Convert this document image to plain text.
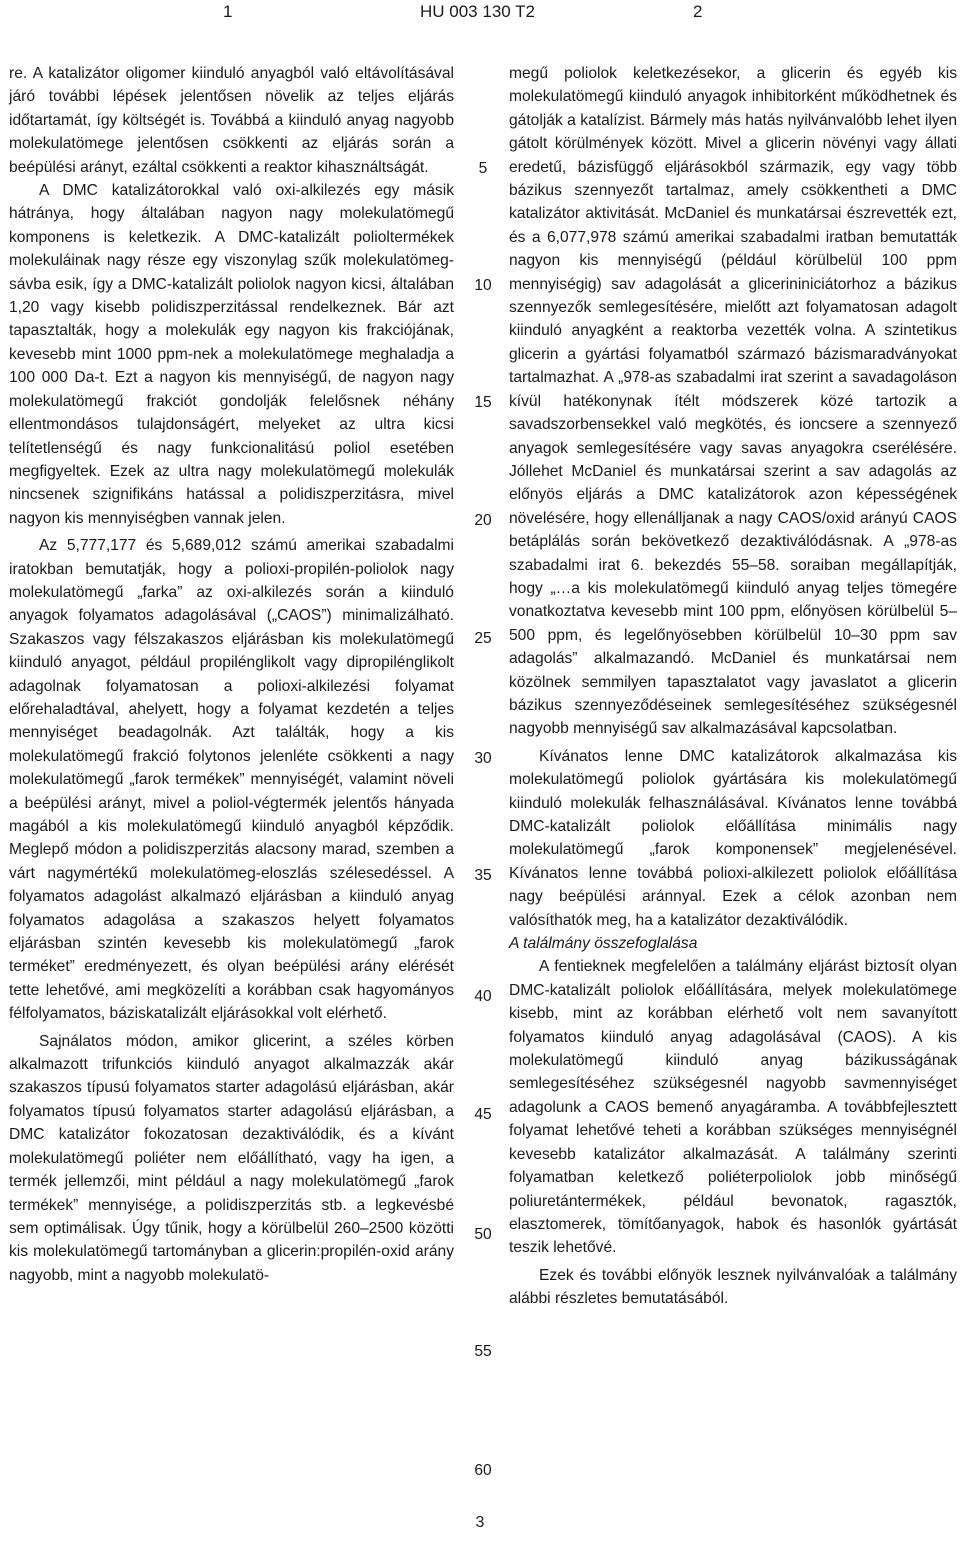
1	HU 003 130 T2	2

re. A katalizátor oligomer kiinduló anyagból való eltávolításával járó további lépések jelentősen növelik az teljes eljárás időtartamát, így költségét is. Továbbá a kiinduló anyag nagyobb molekulatömege jelentősen csökkenti az eljárás során a beépülési arányt, ezáltal csökkenti a reaktor kihasználtságát.

A DMC katalizátorokkal való oxi-alkilezés egy másik hátránya, hogy általában nagyon nagy molekulatömegű komponens is keletkezik. A DMC-katalizált polioltermékek molekuláinak nagy része egy viszonylag szűk molekulatömeg-sávba esik, így a DMC-katalizált poliolok nagyon kicsi, általában 1,20 vagy kisebb polidiszperzitással rendelkeznek. Bár azt tapasztalták, hogy a molekulák egy nagyon kis frakciójának, kevesebb mint 1000 ppm-nek a molekulatömege meghaladja a 100 000 Da-t. Ezt a nagyon kis mennyiségű, de nagyon nagy molekulatömegű frakciót gondolják felelősnek néhány ellentmondásos tulajdonságért, melyeket az ultra kicsi telítetlenségű és nagy funkcionalitású poliol esetében megfigyeltek. Ezek az ultra nagy molekulatömegű molekulák nincsenek szignifikáns hatással a polidiszperzitásra, mivel nagyon kis mennyiségben vannak jelen.

Az 5,777,177 és 5,689,012 számú amerikai szabadalmi iratokban bemutatják, hogy a polioxi-propilén-poliolok nagy molekulatömegű „farka” az oxi-alkilezés során a kiinduló anyagok folyamatos adagolásával („CAOS”) minimalizálható. Szakaszos vagy félszakaszos eljárásban kis molekulatömegű kiinduló anyagot, például propilénglikolt vagy dipropilénglikolt adagolnak folyamatosan a polioxi-alkilezési folyamat előrehaladtával, ahelyett, hogy a folyamat kezdetén a teljes mennyiséget beadagolnák. Azt találták, hogy a kis molekulatömegű frakció folytonos jelenléte csökkenti a nagy molekulatömegű „farok termékek” mennyiségét, valamint növeli a beépülési arányt, mivel a poliol-végtermék jelentős hányada magából a kis molekulatömegű kiinduló anyagból képződik. Meglepő módon a polidiszperzitás alacsony marad, szemben a várt nagymértékű molekulatömeg-eloszlás szélesedéssel. A folyamatos adagolást alkalmazó eljárásban a kiinduló anyag folyamatos adagolása a szakaszos helyett folyamatos eljárásban szintén kevesebb kis molekulatömegű „farok terméket” eredményezett, és olyan beépülési arány elérését tette lehetővé, ami megközelíti a korábban csak hagyományos félfolyamatos, báziskatalizált eljárásokkal volt elérhető.

Sajnálatos módon, amikor glicerint, a széles körben alkalmazott trifunkciós kiinduló anyagot alkalmazzák akár szakaszos típusú folyamatos starter adagolású eljárásban, akár folyamatos típusú folyamatos starter adagolású eljárásban, a DMC katalizátor fokozatosan dezaktiválódik, és a kívánt molekulatömegű poliéter nem előállítható, vagy ha igen, a termék jellemzői, mint például a nagy molekulatömegű „farok termékek” mennyisége, a polidiszperzitás stb. a legkevésbé sem optimálisak. Úgy tűnik, hogy a körülbelül 260–2500 közötti kis molekulatömegű tartományban a glicerin:propilén-oxid arány nagyobb, mint a nagyobb molekulatö-

5
10
15
20
25
30
35
40
45
50
55
60

megű poliolok keletkezésekor, a glicerin és egyéb kis molekulatömegű kiinduló anyagok inhibitorként működhetnek és gátolják a katalízist. Bármely más hatás nyilvánvalóbb lehet ilyen gátolt körülmények között. Mivel a glicerin növényi vagy állati eredetű, bázisfüggő eljárásokból származik, egy vagy több bázikus szennyezőt tartalmaz, amely csökkentheti a DMC katalizátor aktivitását. McDaniel és munkatársai észrevették ezt, és a 6,077,978 számú amerikai szabadalmi iratban bemutatták nagyon kis mennyiségű (például körülbelül 100 ppm mennyiségig) sav adagolását a glicerininiciátorhoz a bázikus szennyezők semlegesítésére, mielőtt azt folyamatosan adagolt kiinduló anyagként a reaktorba vezették volna. A szintetikus glicerin a gyártási folyamatból származó bázismaradványokat tartalmazhat. A „978-as szabadalmi irat szerint a savadagoláson kívül hatékonynak ítélt módszerek közé tartozik a savadszorbensekkel való megkötés, és ioncsere a szennyező anyagok semlegesítésére vagy savas anyagokra cserélésére. Jóllehet McDaniel és munkatársai szerint a sav adagolás az előnyös eljárás a DMC katalizátorok azon képességének növelésére, hogy ellenálljanak a nagy CAOS/oxid arányú CAOS betáplálás során bekövetkező dezaktiválódásnak. A „978-as szabadalmi irat 6. bekezdés 55–58. soraiban megállapítják, hogy „…a kis molekulatömegű kiinduló anyag teljes tömegére vonatkoztatva kevesebb mint 100 ppm, előnyösen körülbelül 5–500 ppm, és legelőnyösebben körülbelül 10–30 ppm sav adagolás” alkalmazandó. McDaniel és munkatársai nem közölnek semmilyen tapasztalatot vagy javaslatot a glicerin bázikus szennyeződéseinek semlegesítéséhez szükségesnél nagyobb mennyiségű sav alkalmazásával kapcsolatban.

Kívánatos lenne DMC katalizátorok alkalmazása kis molekulatömegű poliolok gyártására kis molekulatömegű kiinduló molekulák felhasználásával. Kívánatos lenne továbbá DMC-katalizált poliolok előállítása minimális nagy molekulatömegű „farok komponensek” megjelenésével. Kívánatos lenne továbbá polioxi-alkilezett poliolok előállítása nagy beépülési aránnyal. Ezek a célok azonban nem valósíthatók meg, ha a katalizátor dezaktiválódik.

A találmány összefoglalása

A fentieknek megfelelően a találmány eljárást biztosít olyan DMC-katalizált poliolok előállítására, melyek molekulatömege kisebb, mint az korábban elérhető volt nem savanyított folyamatos kiinduló anyag adagolásával (CAOS). A kis molekulatömegű kiinduló anyag bázikusságának semlegesítéséhez szükségesnél nagyobb savmennyiséget adagolunk a CAOS bemenő anyagáramba. A továbbfejlesztett folyamat lehetővé teheti a korábban szükséges mennyiségnél kevesebb katalizátor alkalmazását. A találmány szerinti folyamatban keletkező poliéterpoliolok jobb minőségű poliuretántermékek, például bevonatok, ragasztók, elasztomerek, tömítőanyagok, habok és hasonlók gyártását teszik lehetővé.

Ezek és további előnyök lesznek nyilvánvalóak a találmány alábbi részletes bemutatásából.

3
